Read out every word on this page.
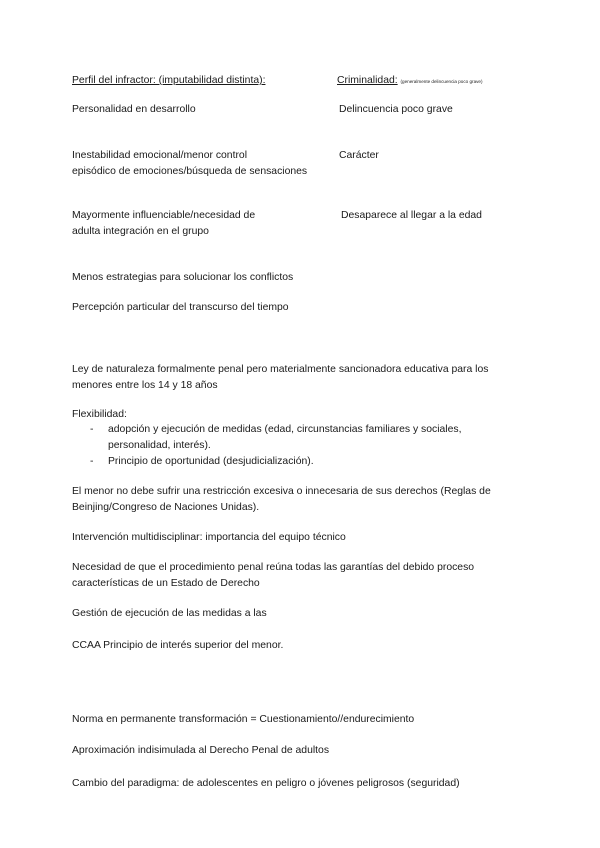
Perfil del infractor: (imputabilidad distinta):	Criminalidad: (generalmente delincuencia poco grave)
Personalidad en desarrollo	Delincuencia poco grave
Inestabilidad emocional/menor control
episódico de emociones/búsqueda de sensaciones
Carácter
Mayormente influenciable/necesidad de
adulta integración en el grupo
Desaparece al llegar a la edad
Menos estrategias para solucionar los conflictos
Percepción particular del transcurso del tiempo
Ley de naturaleza formalmente penal pero materialmente sancionadora educativa para los
menores entre los 14 y 18 años
Flexibilidad:
- adopción y ejecución de medidas (edad, circunstancias familiares y sociales,
personalidad, interés).
- Principio de oportunidad (desjudicialización).
El menor no debe sufrir una restricción excesiva o innecesaria de sus derechos (Reglas de
Beinjing/Congreso de Naciones Unidas).
Intervención multidisciplinar: importancia del equipo técnico
Necesidad de que el procedimiento penal reúna todas las garantías del debido proceso
características de un Estado de Derecho
Gestión de ejecución de las medidas a las
CCAA Principio de interés superior del menor.
Norma en permanente transformación = Cuestionamiento//endurecimiento
Aproximación indisimulada al Derecho Penal de adultos
Cambio del paradigma: de adolescentes en peligro o jóvenes peligrosos (seguridad)
